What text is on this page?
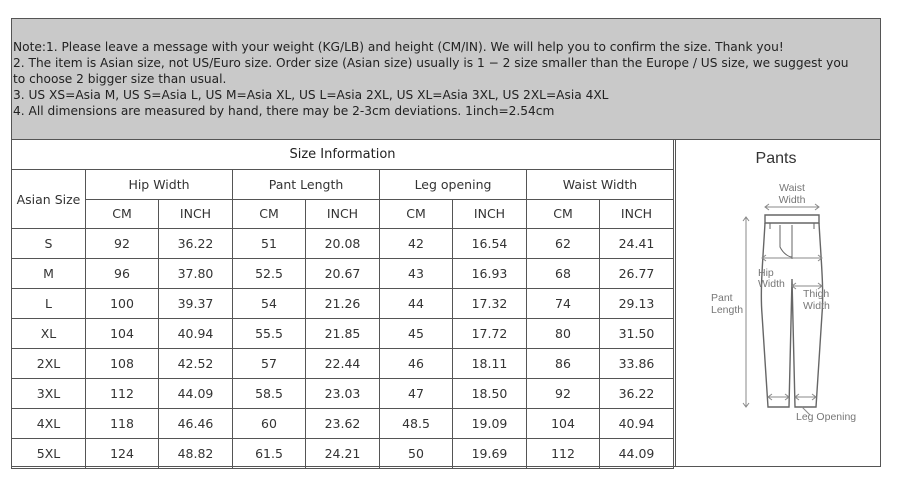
Note:1. Please leave a message with your weight (KG/LB) and height (CM/IN). We will help you to confirm the size. Thank you!
2. The item is Asian size, not US/Euro size. Order size (Asian size) usually is 1 − 2 size smaller than the Europe / US size, we suggest you to choose 2 bigger size than usual.
3. US XS=Asia M, US S=Asia L, US M=Asia XL, US L=Asia 2XL, US XL=Asia 3XL, US 2XL=Asia 4XL
4. All dimensions are measured by hand, there may be 2-3cm deviations. 1inch=2.54cm
Size Information								
Asian Size	Hip Width		Pant Length		Leg opening		Waist Width	
	CM	INCH	CM	INCH	CM	INCH	CM	INCH
S	92	36.22	51	20.08	42	16.54	62	24.41
M	96	37.80	52.5	20.67	43	16.93	68	26.77
L	100	39.37	54	21.26	44	17.32	74	29.13
XL	104	40.94	55.5	21.85	45	17.72	80	31.50
2XL	108	42.52	57	22.44	46	18.11	86	33.86
3XL	112	44.09	58.5	23.03	47	18.50	92	36.22
4XL	118	46.46	60	23.62	48.5	19.09	104	40.94
5XL	124	48.82	61.5	24.21	50	19.69	112	44.09
Pants
Waist
Width
Hip
Width
Thigh
Width
Pant
Length
Leg Opening
